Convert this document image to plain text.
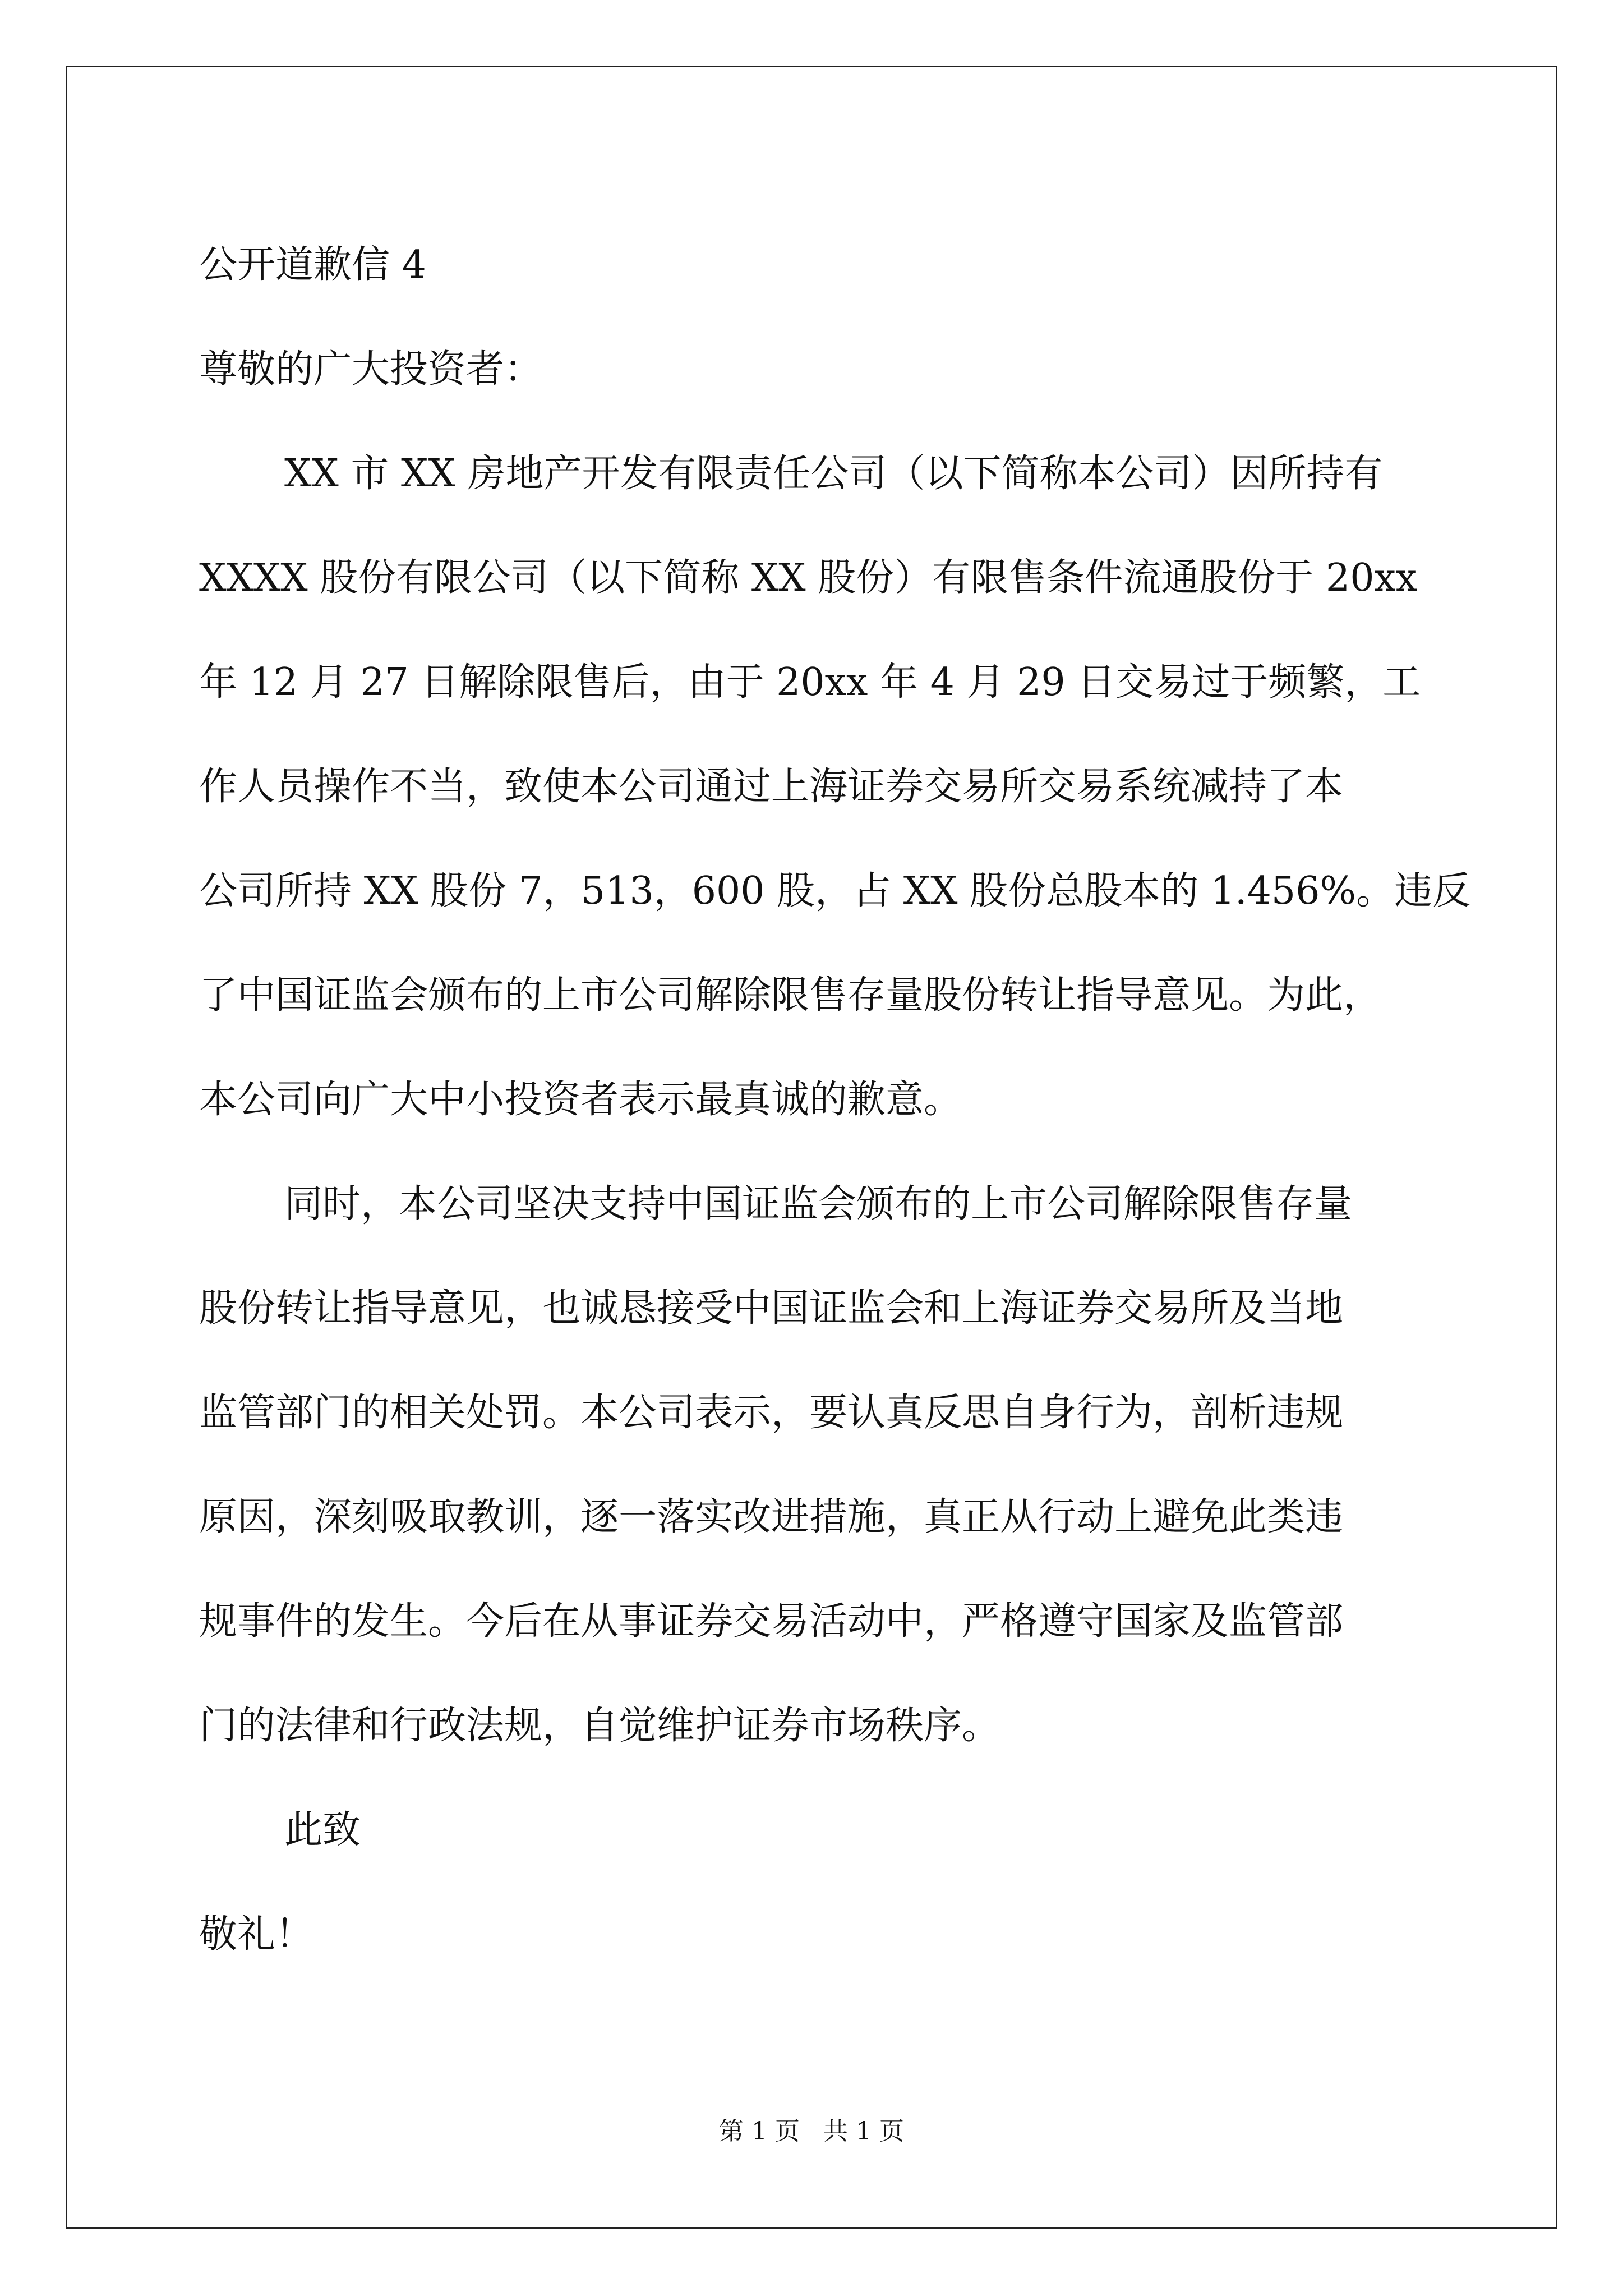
公开道歉信 4
尊敬的广大投资者：
XX 市 XX 房地产开发有限责任公司（以下简称本公司）因所持有
XXXX 股份有限公司（以下简称 XX 股份）有限售条件流通股份于 20xx
年 12 月 27 日解除限售后，由于 20xx 年 4 月 29 日交易过于频繁，工
作人员操作不当，致使本公司通过上海证券交易所交易系统减持了本
公司所持 XX 股份 7，513，600 股，占 XX 股份总股本的 1.456%。违反
了中国证监会颁布的上市公司解除限售存量股份转让指导意见。为此，
本公司向广大中小投资者表示最真诚的歉意。
同时，本公司坚决支持中国证监会颁布的上市公司解除限售存量
股份转让指导意见，也诚恳接受中国证监会和上海证券交易所及当地
监管部门的相关处罚。本公司表示，要认真反思自身行为，剖析违规
原因，深刻吸取教训，逐一落实改进措施，真正从行动上避免此类违
规事件的发生。今后在从事证券交易活动中，严格遵守国家及监管部
门的法律和行政法规，自觉维护证券市场秩序。
此致
敬礼！
第 1 页   共 1 页
